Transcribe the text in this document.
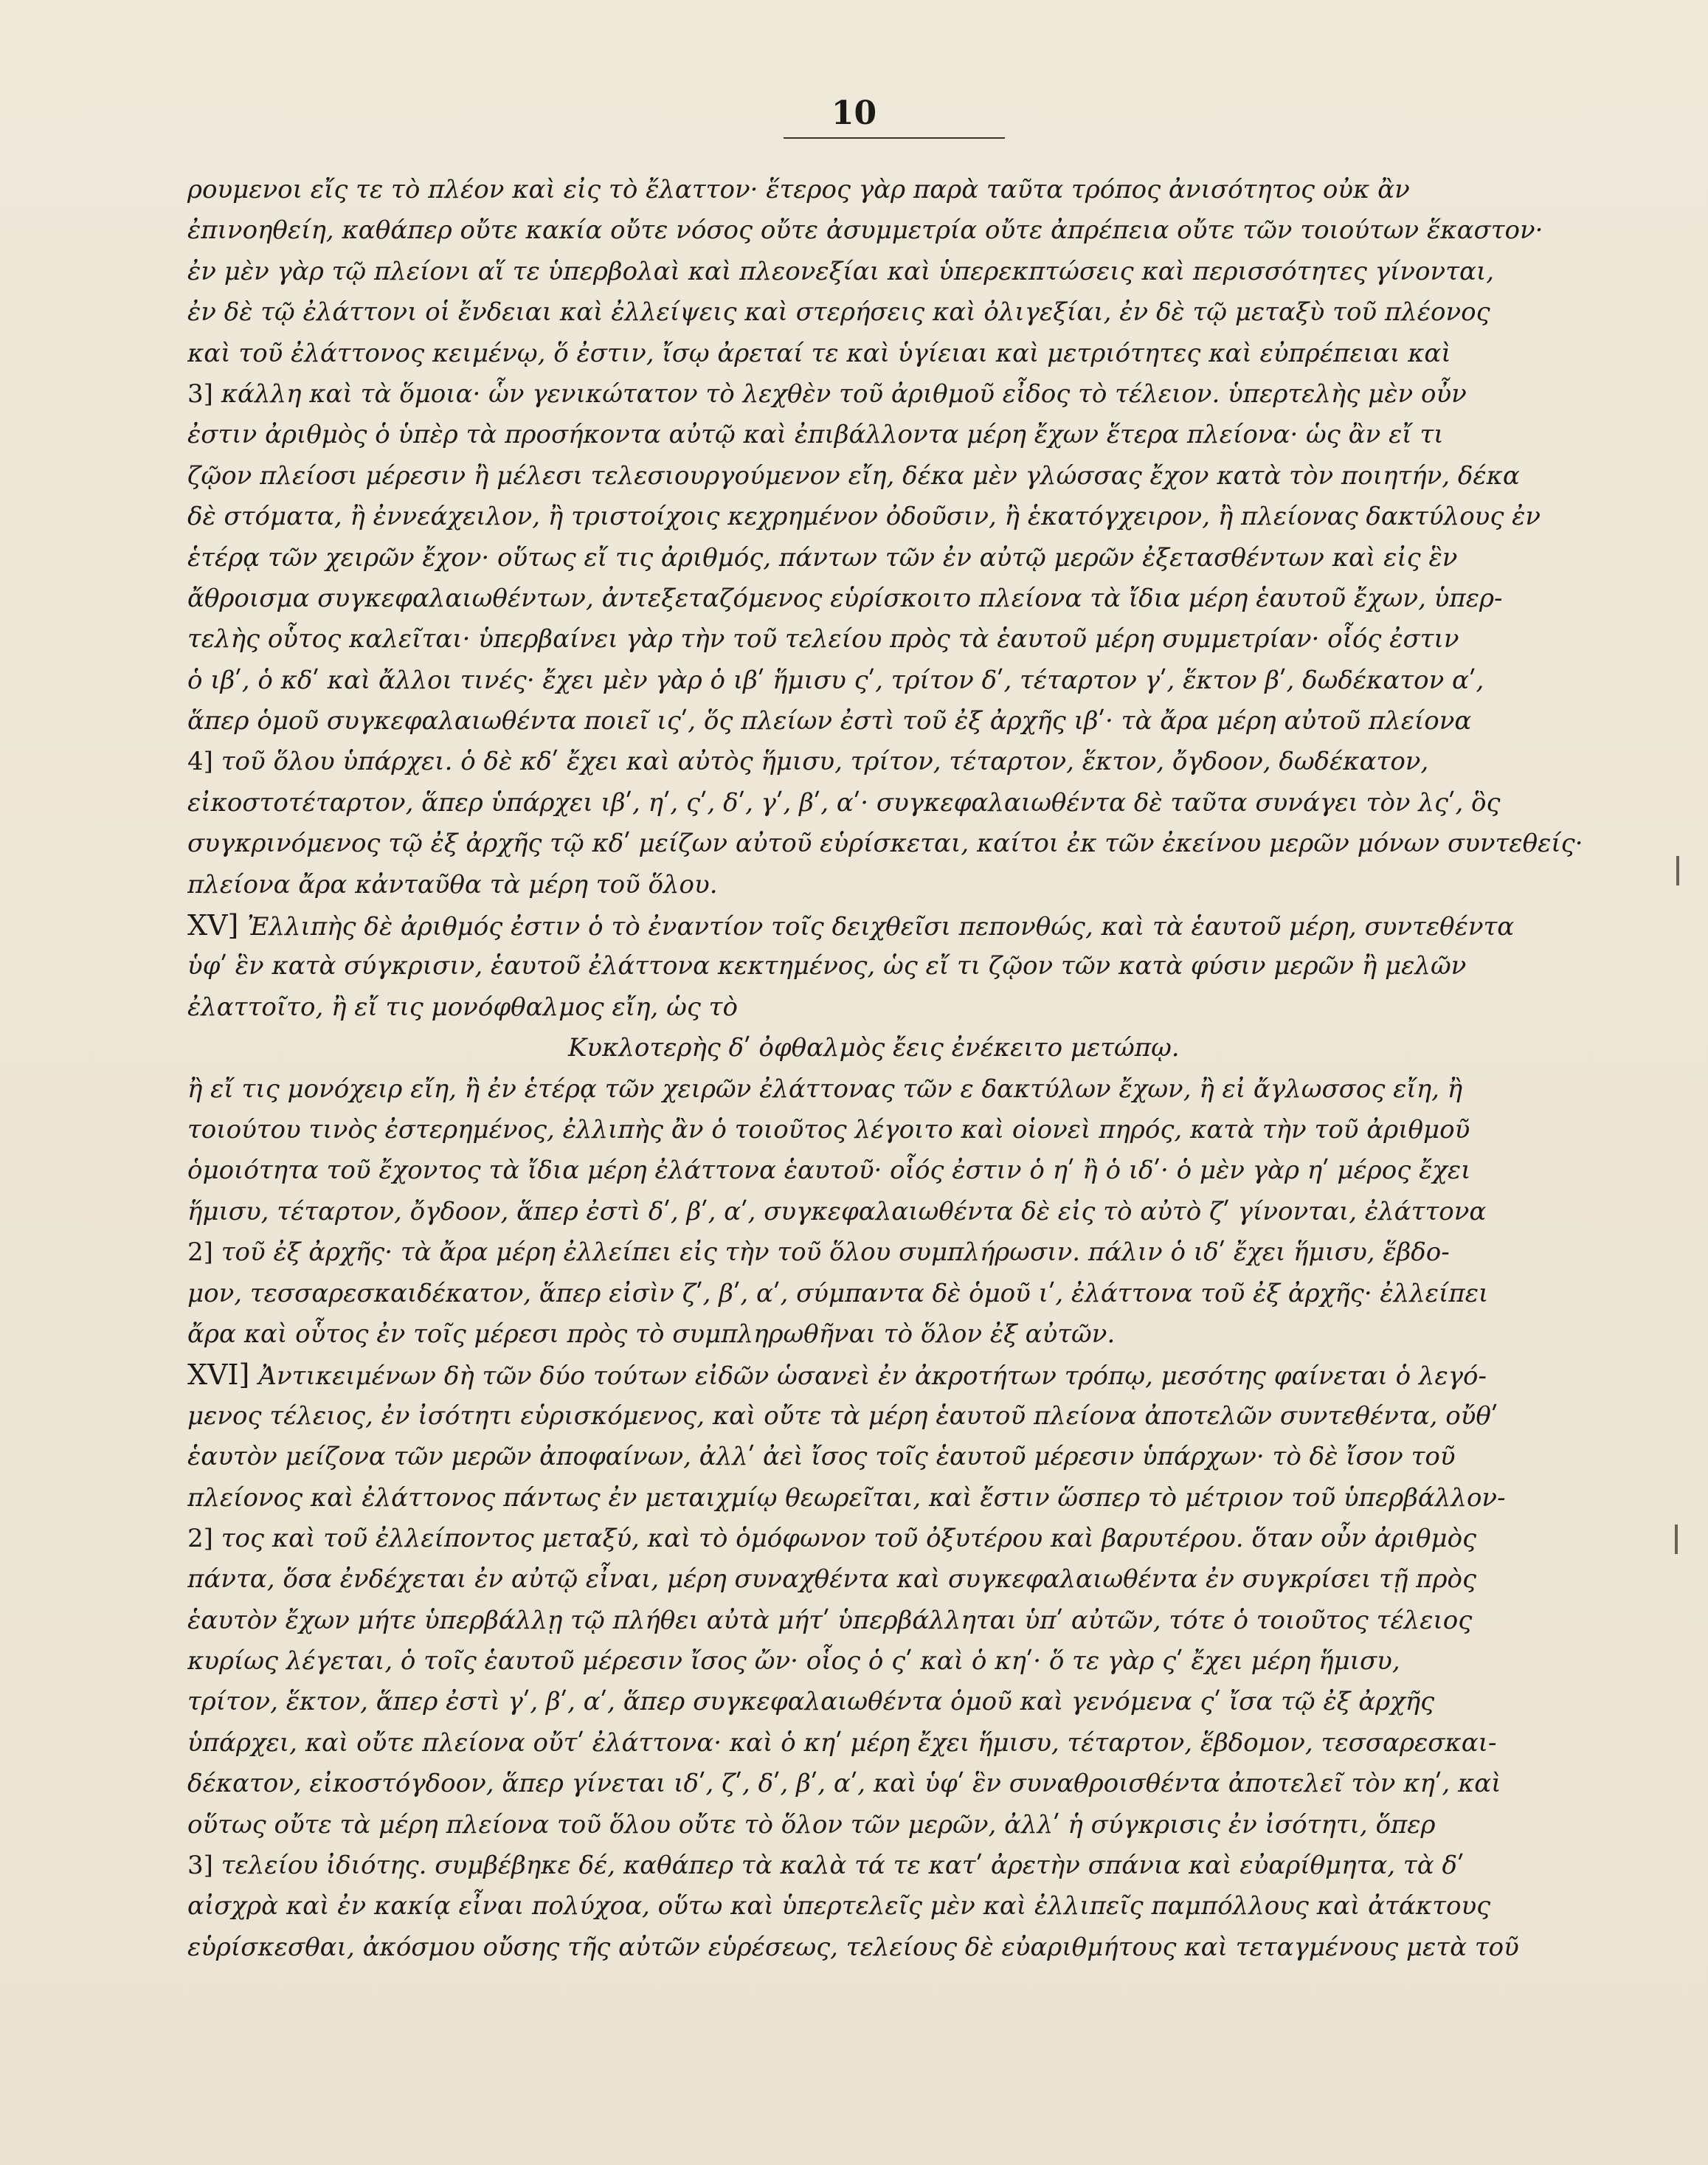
10
ρουμενοι εἴς τε τὸ πλέον καὶ εἰς τὸ ἔλαττον· ἕτερος γὰρ παρὰ ταῦτα τρόπος ἀνισότητος οὐκ ἂν
ἐπινοηθείη, καθάπερ οὔτε κακία οὔτε νόσος οὔτε ἀσυμμετρία οὔτε ἀπρέπεια οὔτε τῶν τοιούτων ἕκαστον·
ἐν μὲν γὰρ τῷ πλείονι αἵ τε ὑπερβολαὶ καὶ πλεονεξίαι καὶ ὑπερεκπτώσεις καὶ περισσότητες γίνονται,
ἐν δὲ τῷ ἐλάττονι οἱ ἔνδειαι καὶ ἐλλείψεις καὶ στερήσεις καὶ ὀλιγεξίαι, ἐν δὲ τῷ μεταξὺ τοῦ πλέονος
καὶ τοῦ ἐλάττονος κειμένῳ, ὅ ἐστιν, ἴσῳ ἀρεταί τε καὶ ὑγίειαι καὶ μετριότητες καὶ εὐπρέπειαι καὶ
3] κάλλη καὶ τὰ ὅμοια· ὧν γενικώτατον τὸ λεχθὲν τοῦ ἀριθμοῦ εἶδος τὸ τέλειον. ὑπερτελὴς μὲν οὖν
ἐστιν ἀριθμὸς ὁ ὑπὲρ τὰ προσήκοντα αὐτῷ καὶ ἐπιβάλλοντα μέρη ἔχων ἕτερα πλείονα· ὡς ἂν εἴ τι
ζῷον πλείοσι μέρεσιν ἢ μέλεσι τελεσιουργούμενον εἴη, δέκα μὲν γλώσσας ἔχον κατὰ τὸν ποιητήν, δέκα
δὲ στόματα, ἢ ἐννεάχειλον, ἢ τριστοίχοις κεχρημένον ὀδοῦσιν, ἢ ἑκατόγχειρον, ἢ πλείονας δακτύλους ἐν
ἑτέρᾳ τῶν χειρῶν ἔχον· οὕτως εἴ τις ἀριθμός, πάντων τῶν ἐν αὐτῷ μερῶν ἐξετασθέντων καὶ εἰς ἓν
ἄθροισμα συγκεφαλαιωθέντων, ἀντεξεταζόμενος εὑρίσκοιτο πλείονα τὰ ἴδια μέρη ἑαυτοῦ ἔχων, ὑπερ-
τελὴς οὗτος καλεῖται· ὑπερβαίνει γὰρ τὴν τοῦ τελείου πρὸς τὰ ἑαυτοῦ μέρη συμμετρίαν· οἷός ἐστιν
ὁ ιβʹ, ὁ κδʹ καὶ ἄλλοι τινές· ἔχει μὲν γὰρ ὁ ιβʹ ἥμισυ ςʹ, τρίτον δʹ, τέταρτον γʹ, ἕκτον βʹ, δωδέκατον αʹ,
ἅπερ ὁμοῦ συγκεφαλαιωθέντα ποιεῖ ιςʹ, ὅς πλείων ἐστὶ τοῦ ἐξ ἀρχῆς ιβʹ· τὰ ἄρα μέρη αὐτοῦ πλείονα
4] τοῦ ὅλου ὑπάρχει. ὁ δὲ κδʹ ἔχει καὶ αὐτὸς ἥμισυ, τρίτον, τέταρτον, ἕκτον, ὄγδοον, δωδέκατον,
εἰκοστοτέταρτον, ἅπερ ὑπάρχει ιβʹ, ηʹ, ςʹ, δʹ, γʹ, βʹ, αʹ· συγκεφαλαιωθέντα δὲ ταῦτα συνάγει τὸν λςʹ, ὃς
συγκρινόμενος τῷ ἐξ ἀρχῆς τῷ κδʹ μείζων αὐτοῦ εὑρίσκεται, καίτοι ἐκ τῶν ἐκείνου μερῶν μόνων συντεθείς·
πλείονα ἄρα κἀνταῦθα τὰ μέρη τοῦ ὅλου.
XV] Ἐλλιπὴς δὲ ἀριθμός ἐστιν ὁ τὸ ἐναντίον τοῖς δειχθεῖσι πεπονθώς, καὶ τὰ ἑαυτοῦ μέρη, συντεθέντα
ὑφʹ ἓν κατὰ σύγκρισιν, ἑαυτοῦ ἐλάττονα κεκτημένος, ὡς εἴ τι ζῷον τῶν κατὰ φύσιν μερῶν ἢ μελῶν
ἐλαττοῖτο, ἢ εἴ τις μονόφθαλμος εἴη, ὡς τὸ
Κυκλοτερὴς δʹ ὀφθαλμὸς ἔεις ἐνέκειτο μετώπῳ.
ἢ εἴ τις μονόχειρ εἴη, ἢ ἐν ἑτέρᾳ τῶν χειρῶν ἐλάττονας τῶν ε δακτύλων ἔχων, ἢ εἰ ἄγλωσσος εἴη, ἢ
τοιούτου τινὸς ἐστερημένος, ἐλλιπὴς ἂν ὁ τοιοῦτος λέγοιτο καὶ οἱονεὶ πηρός, κατὰ τὴν τοῦ ἀριθμοῦ
ὁμοιότητα τοῦ ἔχοντος τὰ ἴδια μέρη ἐλάττονα ἑαυτοῦ· οἷός ἐστιν ὁ ηʹ ἢ ὁ ιδʹ· ὁ μὲν γὰρ ηʹ μέρος ἔχει
ἥμισυ, τέταρτον, ὄγδοον, ἅπερ ἐστὶ δʹ, βʹ, αʹ, συγκεφαλαιωθέντα δὲ εἰς τὸ αὐτὸ ζʹ γίνονται, ἐλάττονα
2] τοῦ ἐξ ἀρχῆς· τὰ ἄρα μέρη ἐλλείπει εἰς τὴν τοῦ ὅλου συμπλήρωσιν. πάλιν ὁ ιδʹ ἔχει ἥμισυ, ἕβδο-
μον, τεσσαρεσκαιδέκατον, ἅπερ εἰσὶν ζʹ, βʹ, αʹ, σύμπαντα δὲ ὁμοῦ ιʹ, ἐλάττονα τοῦ ἐξ ἀρχῆς· ἐλλείπει
ἄρα καὶ οὗτος ἐν τοῖς μέρεσι πρὸς τὸ συμπληρωθῆναι τὸ ὅλον ἐξ αὐτῶν.
XVI] Ἀντικειμένων δὴ τῶν δύο τούτων εἰδῶν ὡσανεὶ ἐν ἀκροτήτων τρόπῳ, μεσότης φαίνεται ὁ λεγό-
μενος τέλειος, ἐν ἰσότητι εὑρισκόμενος, καὶ οὔτε τὰ μέρη ἑαυτοῦ πλείονα ἀποτελῶν συντεθέντα, οὔθʹ
ἑαυτὸν μείζονα τῶν μερῶν ἀποφαίνων, ἀλλʹ ἀεὶ ἴσος τοῖς ἑαυτοῦ μέρεσιν ὑπάρχων· τὸ δὲ ἴσον τοῦ
πλείονος καὶ ἐλάττονος πάντως ἐν μεταιχμίῳ θεωρεῖται, καὶ ἔστιν ὥσπερ τὸ μέτριον τοῦ ὑπερβάλλον-
2] τος καὶ τοῦ ἐλλείποντος μεταξύ, καὶ τὸ ὁμόφωνον τοῦ ὀξυτέρου καὶ βαρυτέρου. ὅταν οὖν ἀριθμὸς
πάντα, ὅσα ἐνδέχεται ἐν αὐτῷ εἶναι, μέρη συναχθέντα καὶ συγκεφαλαιωθέντα ἐν συγκρίσει τῇ πρὸς
ἑαυτὸν ἔχων μήτε ὑπερβάλλῃ τῷ πλήθει αὐτὰ μήτʹ ὑπερβάλληται ὑπʹ αὐτῶν, τότε ὁ τοιοῦτος τέλειος
κυρίως λέγεται, ὁ τοῖς ἑαυτοῦ μέρεσιν ἴσος ὤν· οἷος ὁ ςʹ καὶ ὁ κηʹ· ὅ τε γὰρ ςʹ ἔχει μέρη ἥμισυ,
τρίτον, ἕκτον, ἅπερ ἐστὶ γʹ, βʹ, αʹ, ἅπερ συγκεφαλαιωθέντα ὁμοῦ καὶ γενόμενα ςʹ ἴσα τῷ ἐξ ἀρχῆς
ὑπάρχει, καὶ οὔτε πλείονα οὔτʹ ἐλάττονα· καὶ ὁ κηʹ μέρη ἔχει ἥμισυ, τέταρτον, ἕβδομον, τεσσαρεσκαι-
δέκατον, εἰκοστόγδοον, ἅπερ γίνεται ιδʹ, ζʹ, δʹ, βʹ, αʹ, καὶ ὑφʹ ἓν συναθροισθέντα ἀποτελεῖ τὸν κηʹ, καὶ
οὕτως οὔτε τὰ μέρη πλείονα τοῦ ὅλου οὔτε τὸ ὅλον τῶν μερῶν, ἀλλʹ ἡ σύγκρισις ἐν ἰσότητι, ὅπερ
3] τελείου ἰδιότης. συμβέβηκε δέ, καθάπερ τὰ καλὰ τά τε κατʹ ἀρετὴν σπάνια καὶ εὐαρίθμητα, τὰ δʹ
αἰσχρὰ καὶ ἐν κακίᾳ εἶναι πολύχοα, οὕτω καὶ ὑπερτελεῖς μὲν καὶ ἐλλιπεῖς παμπόλλους καὶ ἀτάκτους
εὑρίσκεσθαι, ἀκόσμου οὔσης τῆς αὐτῶν εὑρέσεως, τελείους δὲ εὐαριθμήτους καὶ τεταγμένους μετὰ τοῦ
